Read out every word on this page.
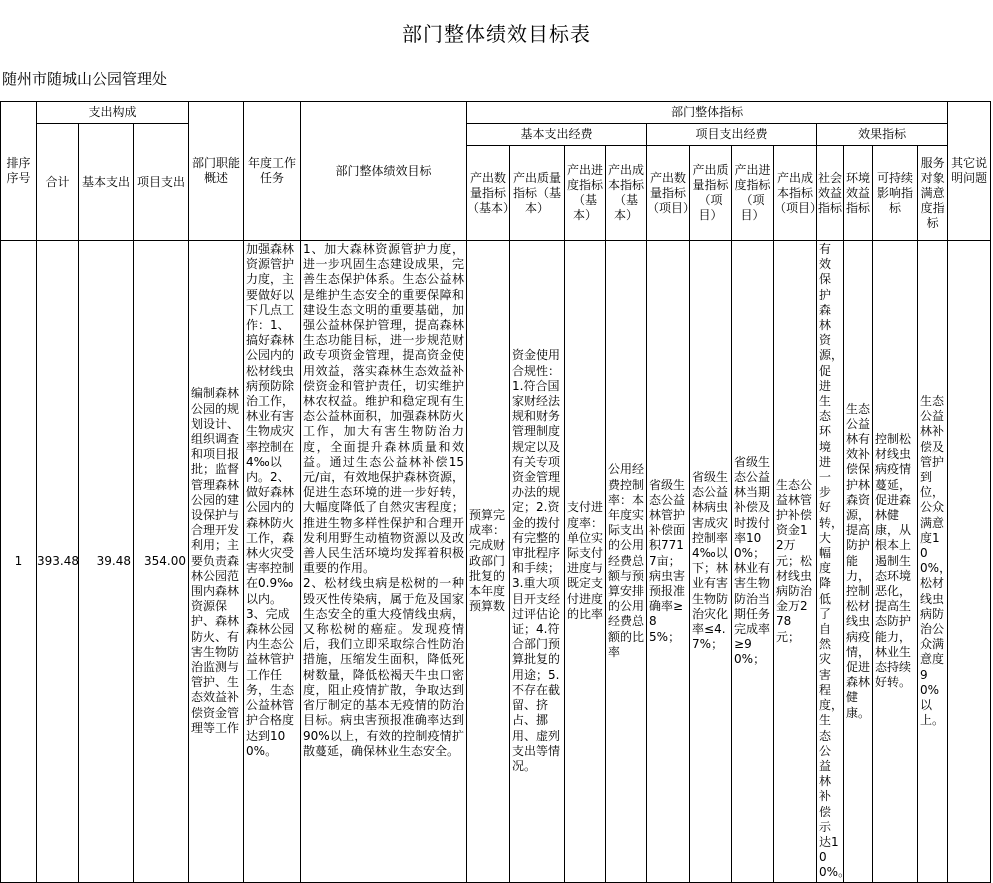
部门整体绩效目标表
随州市随城山公园管理处
排序序号	支出构成			部门职能概述	年度工作任务	部门整体绩效目标	部门整体指标												其它说明问题
	合计	基本支出	项目支出				基本支出经费				项目支出经费				效果指标				

							产出数量指标（基本）	产出质量指标（基本）	产出进度指标（基本）	产出成本指标（基本）	产出数量指标（项目）	产出质量指标（项目）	产出进度指标（项目）	产出成本指标（项目）	社会效益指标	环境效益指标	可持续影响指标	服务对象满意度指标	
1	393.48	39.48	354.00	编制森林公园的规划设计、组织调查和项目报批；监督管理森林公园的建设保护与合理开发利用；主要负责森林公园范围内森林资源保护、森林防火、有害生物防治监测与管护、生态效益补偿资金管理等工作	加强森林资源管护力度，主要做好以下几点工作：1、搞好森林公园内的松材线虫病预防除治工作，林业有害生物成灾率控制在4‰以内。2、做好森林公园内的森林防火工作，森林火灾受害率控制在0.9‰以内。3、完成森林公园内生态公益林管护工作任务，生态公益林管护合格度达到100%。	1、加大森林资源管护力度，进一步巩固生态建设成果，完善生态保护体系。生态公益林是维护生态安全的重要保障和建设生态文明的重要基础，加强公益林保护管理，提高森林生态功能目标，进一步规范财政专项资金管理，提高资金使用效益，落实森林生态效益补偿资金和管护责任，切实维护林农权益。维护和稳定现有生态公益林面积，加强森林防火工作，加大有害生物防治力度，全面提升森林质量和效益。通过生态公益林补偿15元/亩，有效地保护森林资源，促进生态环境的进一步好转，大幅度降低了自然灾害程度；推进生物多样性保护和合理开发利用野生动植物资源以及改善人民生活环境均发挥着积极重要的作用。
2、松材线虫病是松树的一种毁灭性传染病，属于危及国家生态安全的重大疫情线虫病，又称松树的癌症。发现疫情后，我们立即采取综合性防治措施，压缩发生面积，降低死树数量，降低松褐天牛虫口密度，阻止疫情扩散，争取达到省厅制定的基本无疫情的防治目标。病虫害预报准确率达到90%以上，有效的控制疫情扩散蔓延，确保林业生态安全。	预算完成率：完成财政部门批复的本年度预算数	资金使用合规性：1.符合国家财经法规和财务管理制度规定以及有关专项资金管理办法的规定；2.资金的拨付有完整的审批程序和手续；3.重大项目开支经过评估论证；4.符合部门预算批复的用途；5.不存在截留、挤占、挪用、虚列支出等情况。	支付进度率：单位实际支付进度与既定支付进度的比率	公用经费控制率：本年度实际支出的公用经费总额与预算安排的公用经费总额的比率	省级生态公益林管护补偿面积7717亩；病虫害预报准确率≥85%；	省级生态公益林病虫害成灾控制率4‰以下；林业有害生物防治灾化率≤4.7%；	省级生态公益林当期补偿及时拨付率100%；林业有害生物防治当期任务完成率≥90%；	生态公益林管护补偿资金12万元；松材线虫病防治金万278元；	有效保护森林资源，促进生态环境进一步好转，大幅度降低了自然灾害程度，生态公益林补偿示达100%。	生态公益林有效补偿保护林森资源，提高防护能力，控制松材线虫病疫情，促进森林健康。	控制松材线虫病疫情蔓延，促进森林健康，从根本上遏制生态环境恶化，提高生态防护能力，林业生态持续好转。	生态公益林补偿及管护到位，公众满意度100%，松材线虫病防治公众满意度90%以上。	
